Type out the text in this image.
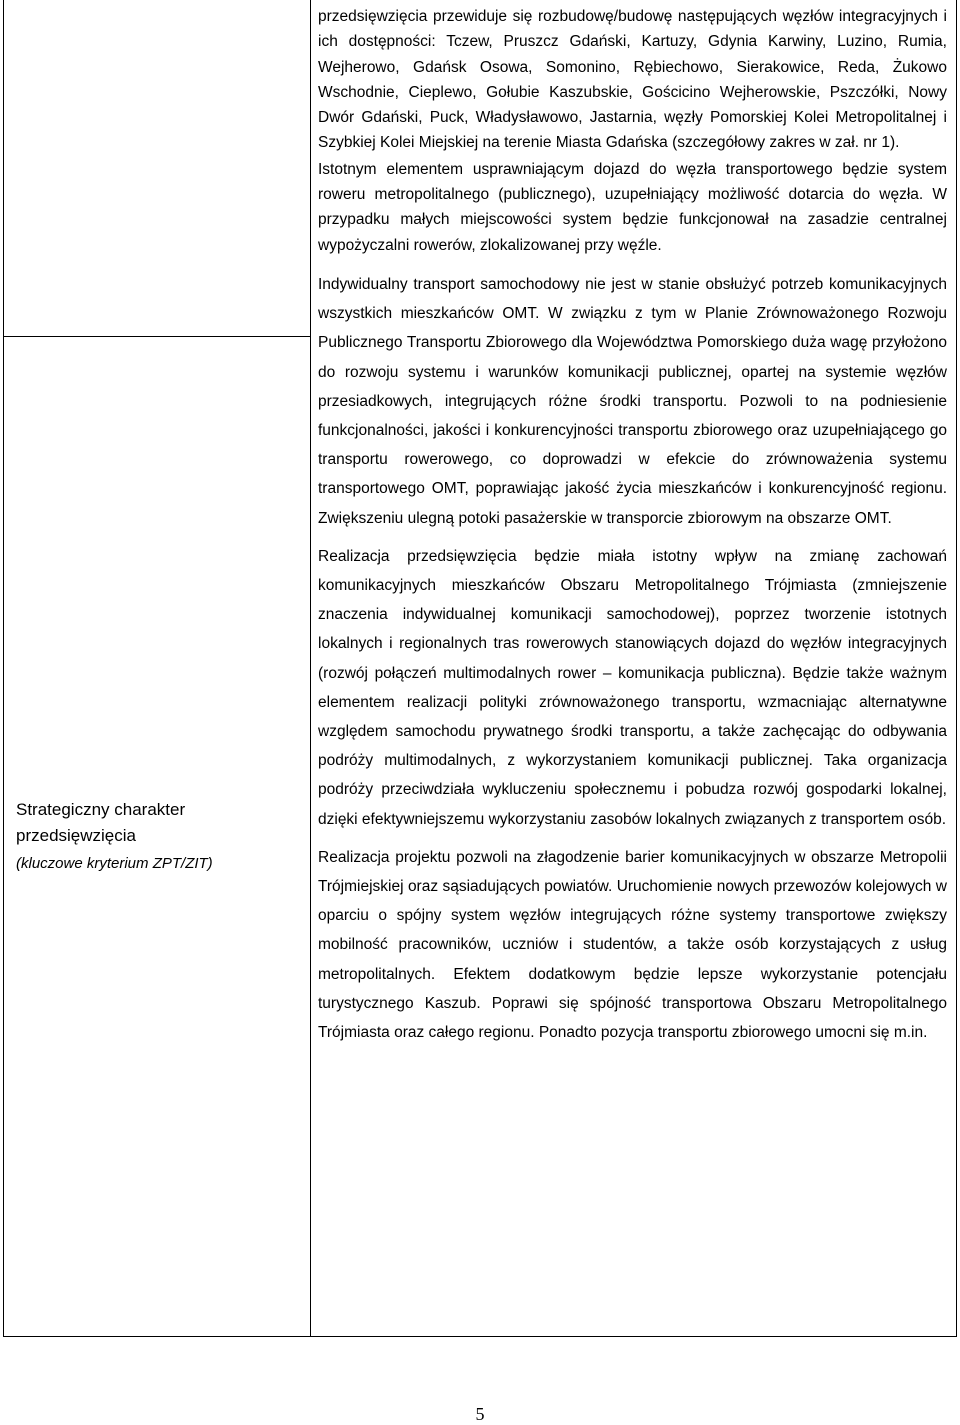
Strategiczny charakter
przedsięwzięcia

(kluczowe kryterium ZPT/ZIT)

przedsięwzięcia przewiduje się rozbudowę/budowę następujących węzłów integracyjnych i ich dostępności: Tczew, Pruszcz Gdański, Kartuzy, Gdynia Karwiny, Luzino, Rumia, Wejherowo, Gdańsk Osowa, Somonino, Rębiechowo, Sierakowice, Reda, Żukowo Wschodnie, Cieplewo, Gołubie Kaszubskie, Gościcino Wejherowskie, Pszczółki, Nowy Dwór Gdański, Puck, Władysławowo, Jastarnia, węzły Pomorskiej Kolei Metropolitalnej i Szybkiej Kolei Miejskiej na terenie Miasta Gdańska (szczegółowy zakres w zał. nr 1).

Istotnym elementem usprawniającym dojazd do węzła transportowego będzie system roweru metropolitalnego (publicznego), uzupełniający możliwość dotarcia do węzła. W przypadku małych miejscowości system będzie funkcjonował na zasadzie centralnej wypożyczalni rowerów, zlokalizowanej przy węźle.

Indywidualny transport samochodowy nie jest w stanie obsłużyć potrzeb komunikacyjnych wszystkich mieszkańców OMT. W związku z tym w Planie Zrównoważonego Rozwoju Publicznego Transportu Zbiorowego dla Województwa Pomorskiego duża wagę przyłożono do rozwoju systemu i warunków komunikacji publicznej, opartej na systemie węzłów przesiadkowych, integrujących różne środki transportu. Pozwoli to na podniesienie funkcjonalności, jakości i konkurencyjności transportu zbiorowego oraz uzupełniającego go transportu rowerowego, co doprowadzi w efekcie do zrównoważenia systemu transportowego OMT, poprawiając jakość życia mieszkańców i konkurencyjność regionu. Zwiększeniu ulegną potoki pasażerskie w transporcie zbiorowym na obszarze OMT.

Realizacja przedsięwzięcia będzie miała istotny wpływ na zmianę zachowań komunikacyjnych mieszkańców Obszaru Metropolitalnego Trójmiasta (zmniejszenie znaczenia indywidualnej komunikacji samochodowej), poprzez tworzenie istotnych lokalnych i regionalnych tras rowerowych stanowiących dojazd do węzłów integracyjnych (rozwój połączeń multimodalnych rower – komunikacja publiczna). Będzie także ważnym elementem realizacji polityki zrównoważonego transportu, wzmacniając alternatywne względem samochodu prywatnego środki transportu, a także zachęcając do odbywania podróży multimodalnych, z wykorzystaniem komunikacji publicznej. Taka organizacja podróży przeciwdziała wykluczeniu społecznemu i pobudza rozwój gospodarki lokalnej, dzięki efektywniejszemu wykorzystaniu zasobów lokalnych związanych z transportem osób.

Realizacja projektu pozwoli na złagodzenie barier komunikacyjnych w obszarze Metropolii Trójmiejskiej oraz sąsiadujących powiatów. Uruchomienie nowych przewozów kolejowych w oparciu o spójny system węzłów integrujących różne systemy transportowe zwiększy mobilność pracowników, uczniów i studentów, a także osób korzystających z usług metropolitalnych. Efektem dodatkowym będzie lepsze wykorzystanie potencjału turystycznego Kaszub. Poprawi się spójność transportowa Obszaru Metropolitalnego Trójmiasta oraz całego regionu. Ponadto pozycja transportu zbiorowego umocni się m.in.

5
